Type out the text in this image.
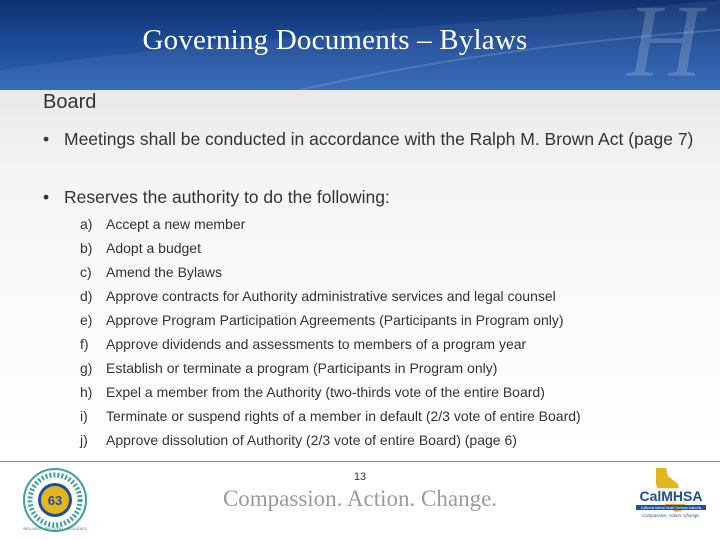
H
Governing Documents – Bylaws
Board
• Meetings shall be conducted in accordance with the Ralph M. Brown Act (page 7)
• Reserves the authority to do the following:
a) Accept a new member
b) Adopt a budget
c) Amend the Bylaws
d) Approve contracts for Authority administrative services and legal counsel
e) Approve Program Participation Agreements (Participants in Program only)
f) Approve dividends and assessments to members of a program year
g) Establish or terminate a program (Participants in Program only)
h) Expel a member from the Authority (two-thirds vote of the entire Board)
i) Terminate or suspend rights of a member in default (2/3 vote of entire Board)
j) Approve dissolution of Authority (2/3 vote of entire Board) (page 6)
13
Compassion. Action. Change.
63
WELLNESS • RECOVERY • RESILIENCE
CalMHSA
California Mental Health Services Authority
Compassion. Action. Change.
